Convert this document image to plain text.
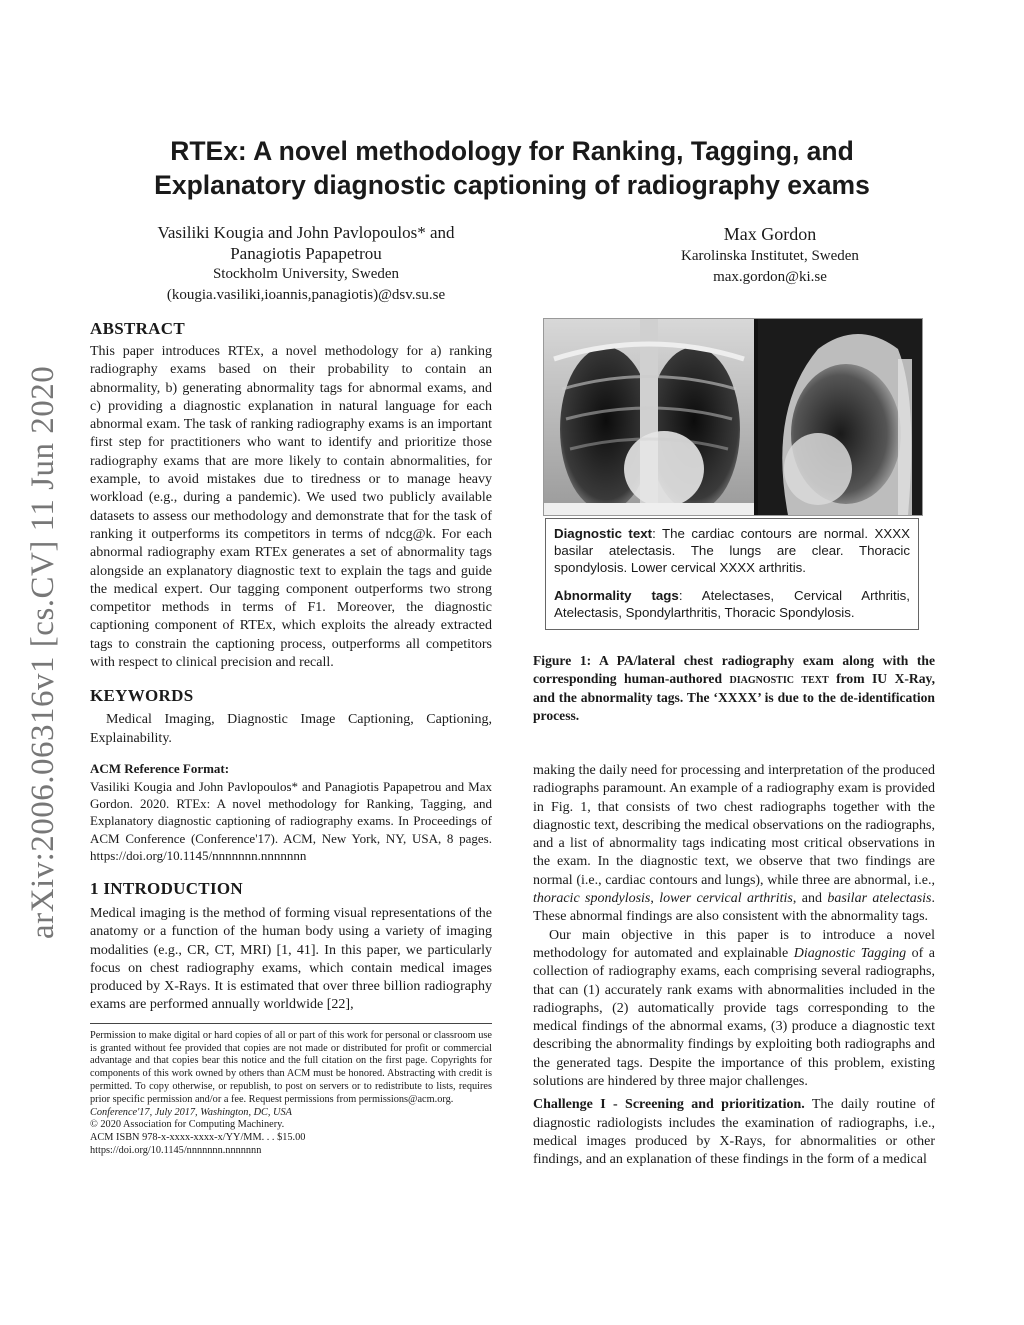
arXiv:2006.06316v1 [cs.CV] 11 Jun 2020
RTEx: A novel methodology for Ranking, Tagging, and
Explanatory diagnostic captioning of radiography exams
Vasiliki Kougia and John Pavlopoulos* and
Panagiotis Papapetrou
Stockholm University, Sweden
(kougia.vasiliki,ioannis,panagiotis)@dsv.su.se
Max Gordon
Karolinska Institutet, Sweden
max.gordon@ki.se
ABSTRACT

This paper introduces RTEx, a novel methodology for a) ranking radiography exams based on their probability to contain an abnormality, b) generating abnormality tags for abnormal exams, and c) providing a diagnostic explanation in natural language for each abnormal exam. The task of ranking radiography exams is an important first step for practitioners who want to identify and prioritize those radiography exams that are more likely to contain abnormalities, for example, to avoid mistakes due to tiredness or to manage heavy workload (e.g., during a pandemic). We used two publicly available datasets to assess our methodology and demonstrate that for the task of ranking it outperforms its competitors in terms of ndcg@k. For each abnormal radiography exam RTEx generates a set of abnormality tags alongside an explanatory diagnostic text to explain the tags and guide the medical expert. Our tagging component outperforms two strong competitor methods in terms of F1. Moreover, the diagnostic captioning component of RTEx, which exploits the already extracted tags to constrain the captioning process, outperforms all competitors with respect to clinical precision and recall.

KEYWORDS

Medical Imaging, Diagnostic Image Captioning, Captioning, Explainability.

ACM Reference Format:

Vasiliki Kougia and John Pavlopoulos* and Panagiotis Papapetrou and Max Gordon. 2020. RTEx: A novel methodology for Ranking, Tagging, and Explanatory diagnostic captioning of radiography exams. In Proceedings of ACM Conference (Conference'17). ACM, New York, NY, USA, 8 pages. https://doi.org/10.1145/nnnnnnn.nnnnnnn

1 INTRODUCTION

Medical imaging is the method of forming visual representations of the anatomy or a function of the human body using a variety of imaging modalities (e.g., CR, CT, MRI) [1, 41]. In this paper, we particularly focus on chest radiography exams, which contain medical images produced by X-Rays. It is estimated that over three billion radiography exams are performed annually worldwide [22],

Permission to make digital or hard copies of all or part of this work for personal or classroom use is granted without fee provided that copies are not made or distributed for profit or commercial advantage and that copies bear this notice and the full citation on the first page. Copyrights for components of this work owned by others than ACM must be honored. Abstracting with credit is permitted. To copy otherwise, or republish, to post on servers or to redistribute to lists, requires prior specific permission and/or a fee. Request permissions from permissions@acm.org.
Conference'17, July 2017, Washington, DC, USA
© 2020 Association for Computing Machinery.
ACM ISBN 978-x-xxxx-xxxx-x/YY/MM. . . $15.00
https://doi.org/10.1145/nnnnnnn.nnnnnnn
Diagnostic text: The cardiac contours are normal. XXXX basilar atelectasis. The lungs are clear. Thoracic spondylosis. Lower cervical XXXX arthritis.
Abnormality tags: Atelectases, Cervical Arthritis, Atelectasis, Spondylarthritis, Thoracic Spondylosis.
Figure 1: A PA/lateral chest radiography exam along with the corresponding human-authored diagnostic text from IU X-Ray, and the abnormality tags. The ‘XXXX’ is due to the de-identification process.

making the daily need for processing and interpretation of the produced radiographs paramount. An example of a radiography exam is provided in Fig. 1, that consists of two chest radiographs together with the diagnostic text, describing the medical observations on the radiographs, and a list of abnormality tags indicating most critical observations in the exam. In the diagnostic text, we observe that two findings are normal (i.e., cardiac contours and lungs), while three are abnormal, i.e., thoracic spondylosis, lower cervical arthritis, and basilar atelectasis. These abnormal findings are also consistent with the abnormality tags.

Our main objective in this paper is to introduce a novel methodology for automated and explainable Diagnostic Tagging of a collection of radiography exams, each comprising several radiographs, that can (1) accurately rank exams with abnormalities included in the radiographs, (2) automatically provide tags corresponding to the medical findings of the abnormal exams, (3) produce a diagnostic text describing the abnormality findings by exploiting both radiographs and the generated tags. Despite the importance of this problem, existing solutions are hindered by three major challenges.

Challenge I - Screening and prioritization. The daily routine of diagnostic radiologists includes the examination of radiographs, i.e., medical images produced by X-Rays, for abnormalities or other findings, and an explanation of these findings in the form of a medical
